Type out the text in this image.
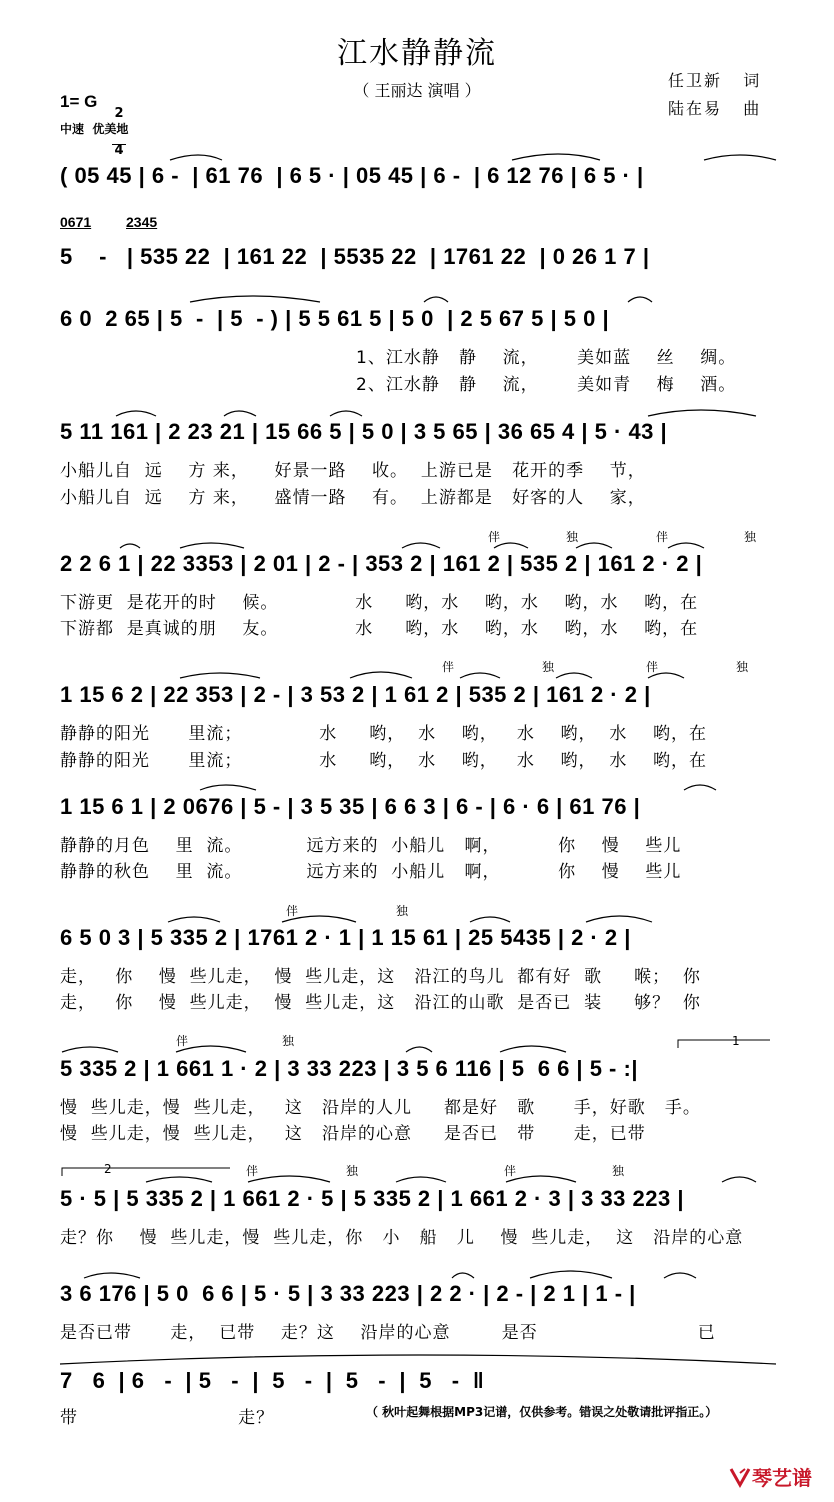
江水静静流
（ 王丽达 演唱 ）
任卫新   词
陆在易   曲
1= G

$\frac{2}{4}$

中速  优美地
0671 2345
( 05 45 | 6 -  | 61 76  | 6 5 · | 05 45 | 6 -  | 6 12 76 | 6 5 · |
5    -   | 535 22  | 161 22  | 5535 22  | 1761 22  | 0 26 1 7 |
6 0  2 65 | 5  -  | 5  - ) | 5 5 61 5 | 5 0  | 2 5 67 5 | 5 0 |
1、江水静   静    流，      美如蓝    丝    绸。
2、江水静   静    流，      美如青    梅    酒。
5 11 161 | 2 23 21 | 15 66 5 | 5 0 | 3 5 65 | 36 65 4 | 5 · 43 |
小船儿自  远    方 来，    好景一路    收。  上游已是   花开的季    节，
小船儿自  远    方 来，    盛情一路    有。  上游都是   好客的人    家，
伴	独	伴	独
2 2 6 1 | 22 3353 | 2 01 | 2 - | 353 2 | 161 2 | 535 2 | 161 2 · 2 |
下游更  是花开的时    候。            水     哟，水    哟，水    哟，水    哟，在
下游都  是真诚的朋    友。            水     哟，水    哟，水    哟，水    哟，在
伴	独	伴	独
1 15 6 2 | 22 353 | 2 - | 3 53 2 | 1 61 2 | 535 2 | 161 2 · 2 |
静静的阳光      里流；            水     哟，  水    哟，   水    哟，  水    哟，在
静静的阳光      里流；            水     哟，  水    哟，   水    哟，  水    哟，在
1 15 6 1 | 2 0676 | 5 - | 3 5 35 | 6 6 3 | 6 - | 6 · 6 | 61 76 |
静静的月色    里  流。          远方来的  小船儿   啊，         你    慢    些儿
静静的秋色    里  流。          远方来的  小船儿   啊，         你    慢    些儿
伴	独
6 5 0 3 | 5 335 2 | 1761 2 · 1 | 1 15 61 | 25 5435 | 2 · 2 |
走，   你    慢  些儿走，  慢  些儿走，这   沿江的鸟儿  都有好  歌     喉；  你
走，   你    慢  些儿走，  慢  些儿走，这   沿江的山歌  是否已  装     够？  你
伴	独	1
5 335 2 | 1 661 1 · 2 | 3 33 223 | 3 5 6 116 | 5  6 6 | 5 - :|
慢  些儿走，慢  些儿走，   这   沿岸的人儿     都是好   歌      手，好歌   手。
慢  些儿走，慢  些儿走，   这   沿岸的心意     是否已   带      走，已带
2	伴	独	伴	独
5 · 5 | 5 335 2 | 1 661 2 · 5 | 5 335 2 | 1 661 2 · 3 | 3 33 223 |
走？你    慢  些儿走，慢  些儿走，你   小   船   儿    慢  些儿走，  这   沿岸的心意
3 6 176 | 5 0  6 6 | 5 · 5 | 3 33 223 | 2 2 · | 2 - | 2 1 | 1 - |
是否已带      走，  已带    走？这    沿岸的心意        是否                         已
7   6  | 6   -  | 5   -  |  5   -  |  5   -  |  5   -  ‖
带                         走？	（ 秋叶起舞根据MP3记谱，仅供参考。错误之处敬请批评指正。）
琴艺谱
